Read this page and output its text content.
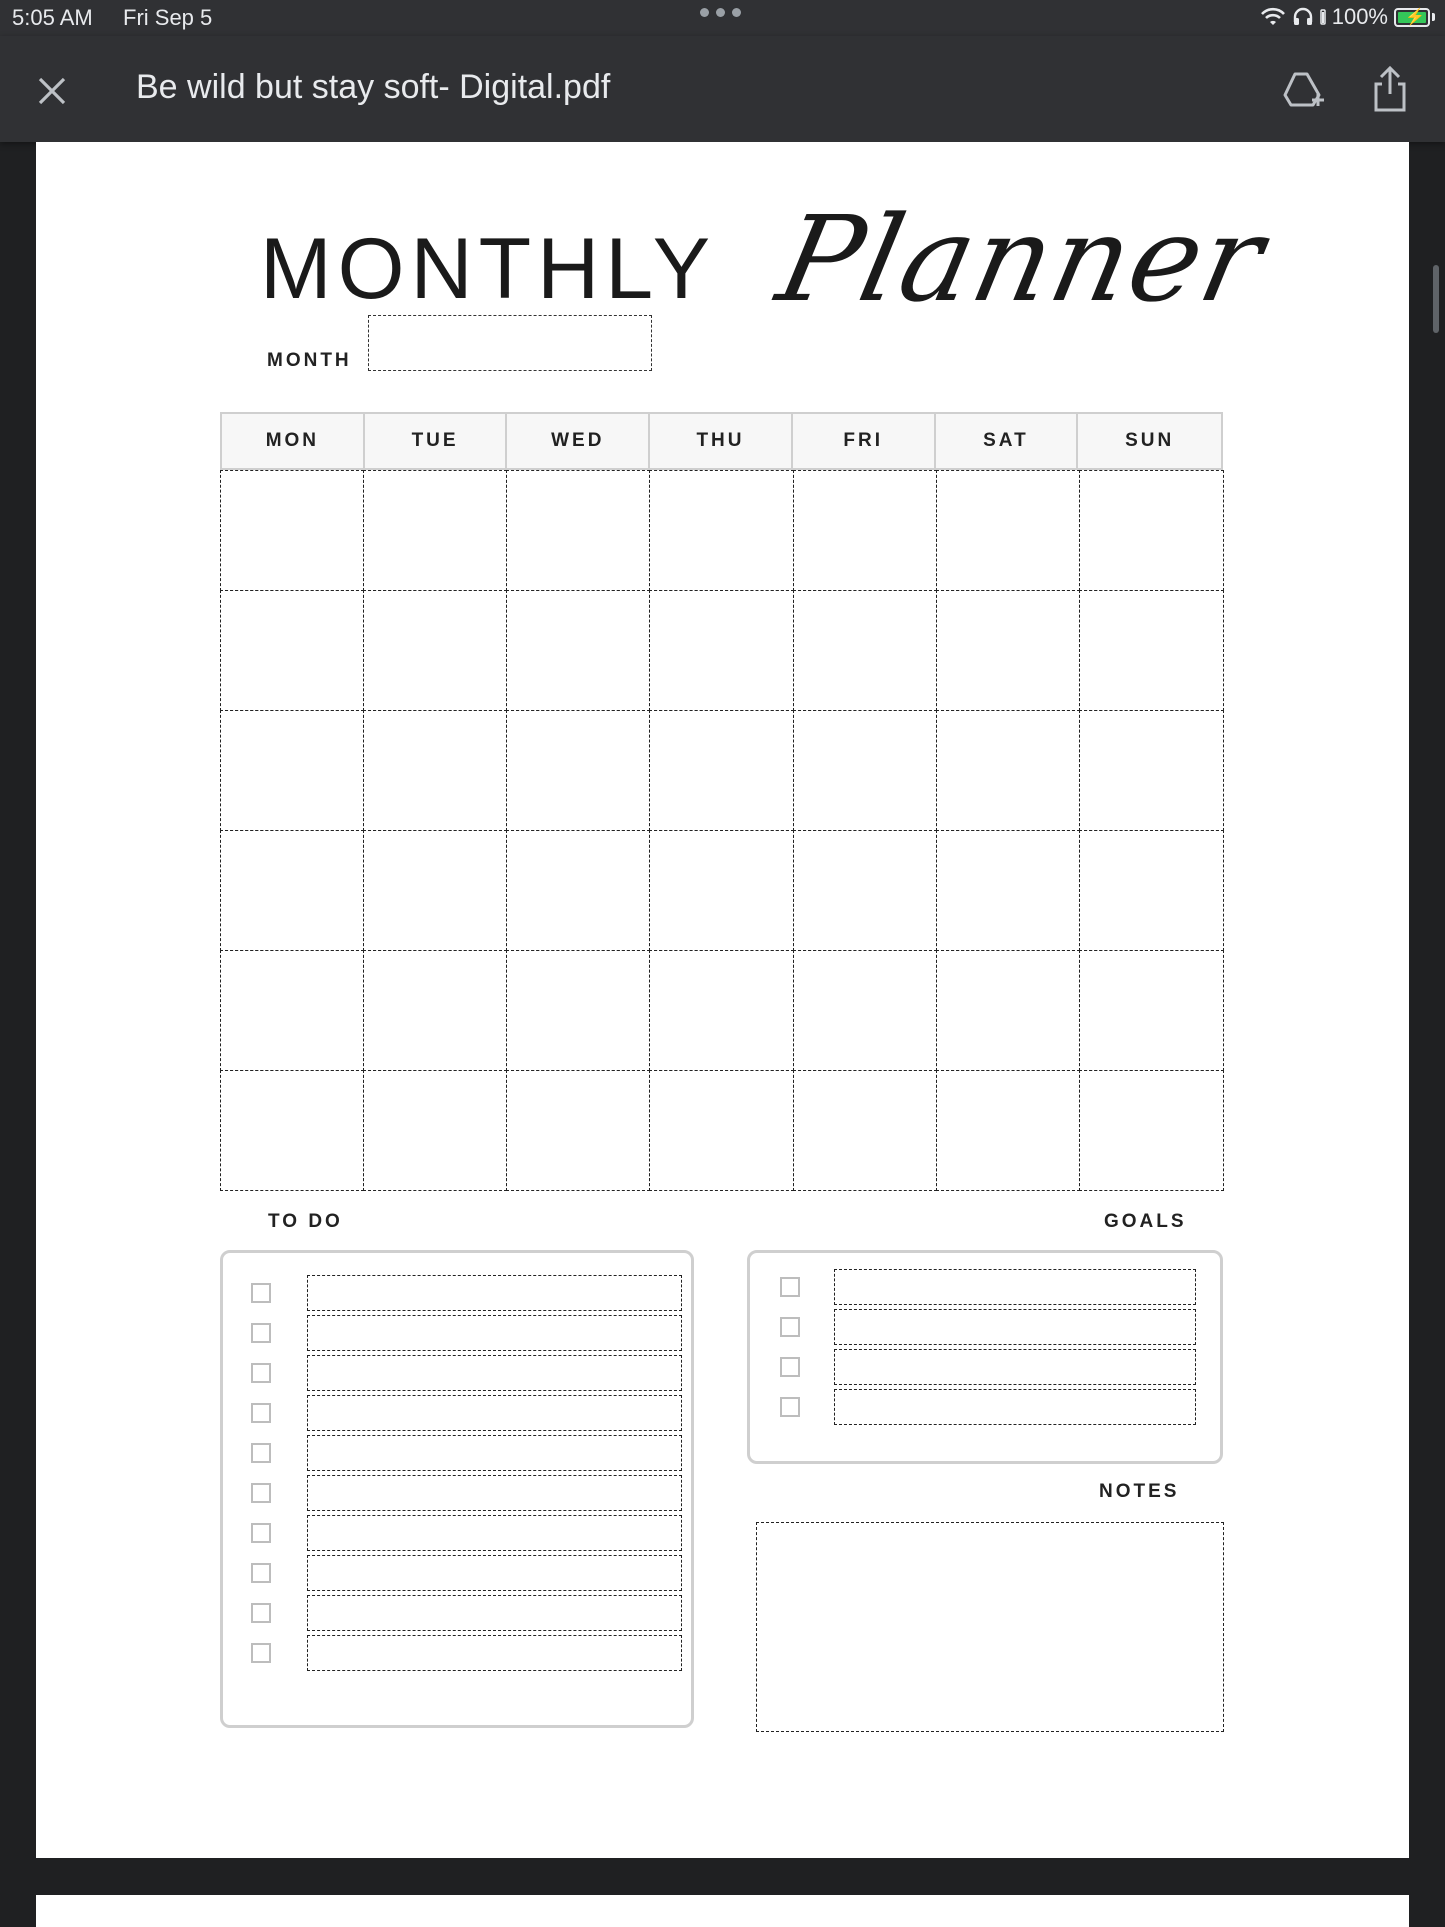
5:05 AM Fri Sep 5	100% ⚡
Be wild but stay soft- Digital.pdf
MONTHLY Planner
MONTH
MON	TUE	WED	THU	FRI	SAT	SUN
TO DO	GOALS
NOTES
